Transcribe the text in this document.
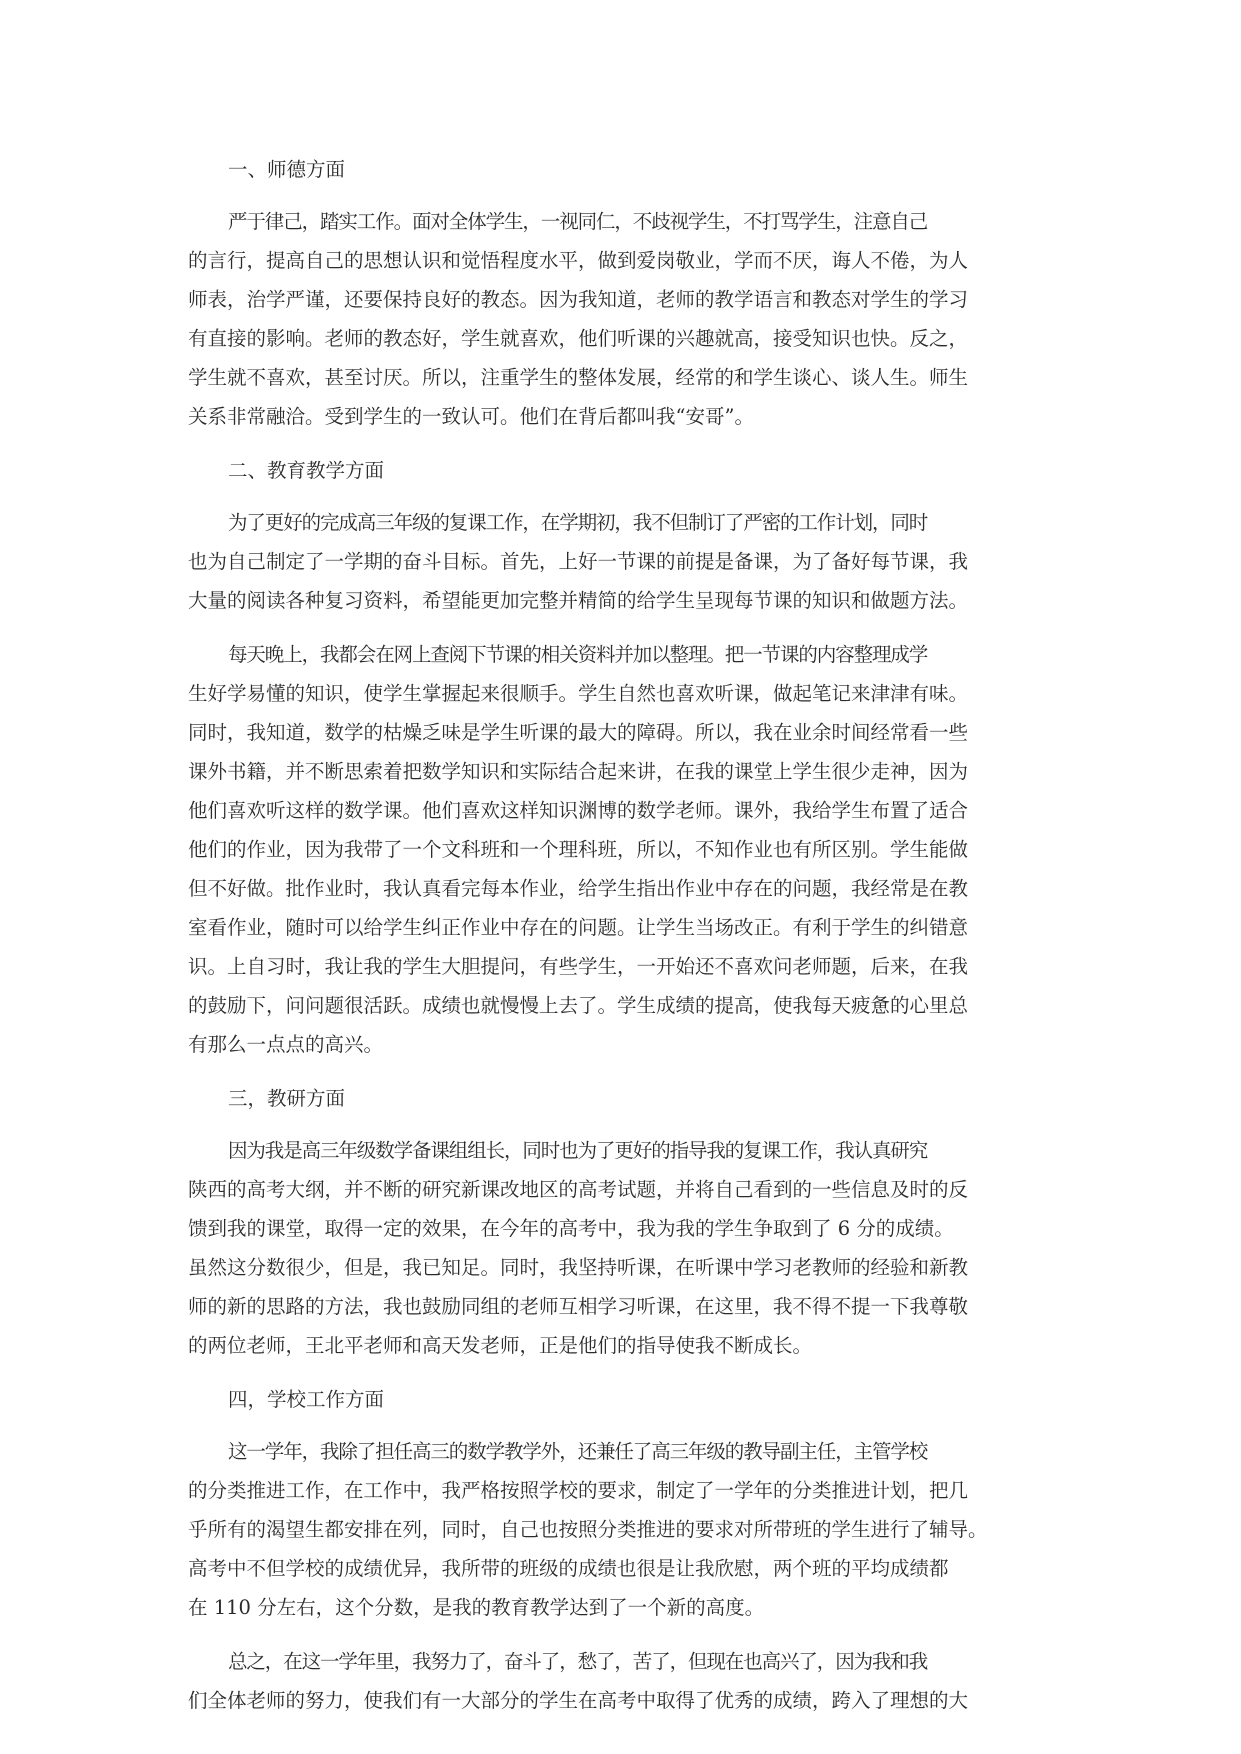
一、师德方面
严于律己，踏实工作。面对全体学生，一视同仁，不歧视学生，不打骂学生，注意自己
的言行，提高自己的思想认识和觉悟程度水平，做到爱岗敬业，学而不厌，诲人不倦，为人
师表，治学严谨，还要保持良好的教态。因为我知道，老师的教学语言和教态对学生的学习
有直接的影响。老师的教态好，学生就喜欢，他们听课的兴趣就高，接受知识也快。反之，
学生就不喜欢，甚至讨厌。所以，注重学生的整体发展，经常的和学生谈心、谈人生。师生
关系非常融洽。受到学生的一致认可。他们在背后都叫我“安哥”。
二、教育教学方面
为了更好的完成高三年级的复课工作，在学期初，我不但制订了严密的工作计划，同时
也为自己制定了一学期的奋斗目标。首先，上好一节课的前提是备课，为了备好每节课，我
大量的阅读各种复习资料，希望能更加完整并精简的给学生呈现每节课的知识和做题方法。
每天晚上，我都会在网上查阅下节课的相关资料并加以整理。把一节课的内容整理成学
生好学易懂的知识，使学生掌握起来很顺手。学生自然也喜欢听课，做起笔记来津津有味。
同时，我知道，数学的枯燥乏味是学生听课的最大的障碍。所以，我在业余时间经常看一些
课外书籍，并不断思索着把数学知识和实际结合起来讲，在我的课堂上学生很少走神，因为
他们喜欢听这样的数学课。他们喜欢这样知识渊博的数学老师。课外，我给学生布置了适合
他们的作业，因为我带了一个文科班和一个理科班，所以，不知作业也有所区别。学生能做
但不好做。批作业时，我认真看完每本作业，给学生指出作业中存在的问题，我经常是在教
室看作业，随时可以给学生纠正作业中存在的问题。让学生当场改正。有利于学生的纠错意
识。上自习时，我让我的学生大胆提问，有些学生，一开始还不喜欢问老师题，后来，在我
的鼓励下，问问题很活跃。成绩也就慢慢上去了。学生成绩的提高，使我每天疲惫的心里总
有那么一点点的高兴。
三，教研方面
因为我是高三年级数学备课组组长，同时也为了更好的指导我的复课工作，我认真研究
陕西的高考大纲，并不断的研究新课改地区的高考试题，并将自己看到的一些信息及时的反
馈到我的课堂，取得一定的效果，在今年的高考中，我为我的学生争取到了 6 分的成绩。
虽然这分数很少，但是，我已知足。同时，我坚持听课，在听课中学习老教师的经验和新教
师的新的思路的方法，我也鼓励同组的老师互相学习听课，在这里，我不得不提一下我尊敬
的两位老师，王北平老师和高天发老师，正是他们的指导使我不断成长。
四，学校工作方面
这一学年，我除了担任高三的数学教学外，还兼任了高三年级的教导副主任，主管学校
的分类推进工作，在工作中，我严格按照学校的要求，制定了一学年的分类推进计划，把几
乎所有的渴望生都安排在列，同时，自己也按照分类推进的要求对所带班的学生进行了辅导。
高考中不但学校的成绩优异，我所带的班级的成绩也很是让我欣慰，两个班的平均成绩都
在 110 分左右，这个分数，是我的教育教学达到了一个新的高度。
总之，在这一学年里，我努力了，奋斗了，愁了，苦了，但现在也高兴了，因为我和我
们全体老师的努力，使我们有一大部分的学生在高考中取得了优秀的成绩，跨入了理想的大
